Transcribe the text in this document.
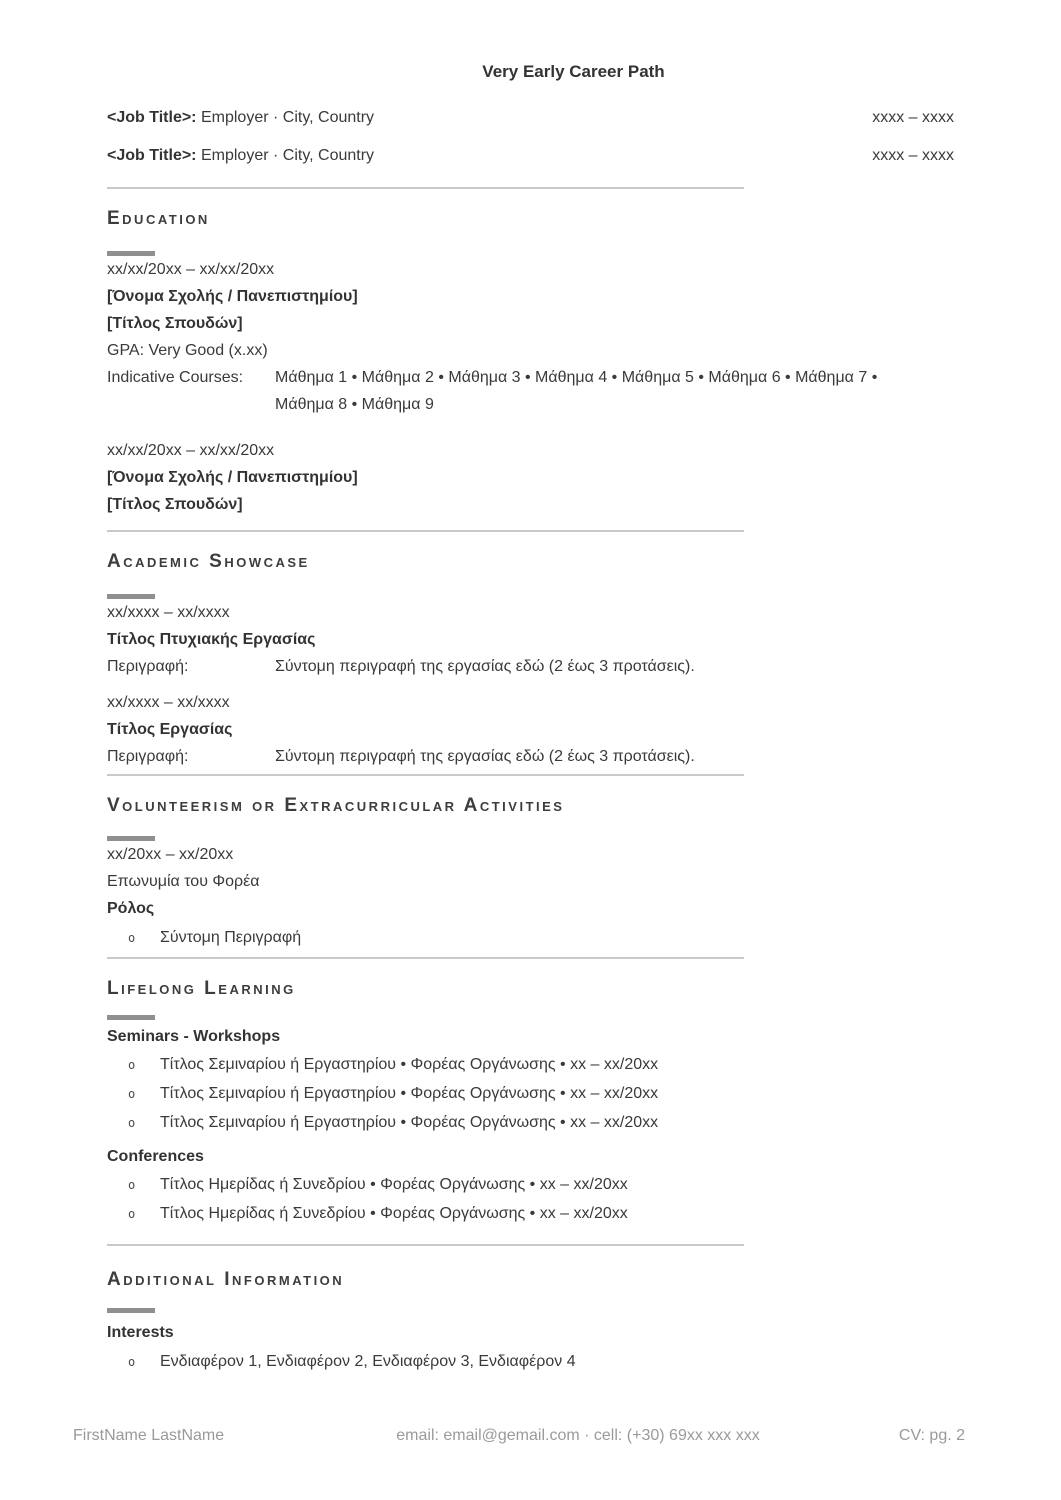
Very Early Career Path
<Job Title>: Employer · City, Country	xxxx – xxxx
<Job Title>: Employer · City, Country	xxxx – xxxx
Education
xx/xx/20xx – xx/xx/20xx
[Όνομα Σχολής / Πανεπιστημίου]
[Τίτλος Σπουδών]
GPA: Very Good (x.xx)
Indicative Courses:	Μάθημα 1 • Μάθημα 2 • Μάθημα 3 • Μάθημα 4 • Μάθημα 5 • Μάθημα 6 • Μάθημα 7 •
Μάθημα 8 • Μάθημα 9
xx/xx/20xx – xx/xx/20xx
[Όνομα Σχολής / Πανεπιστημίου]
[Τίτλος Σπουδών]
Academic Showcase
xx/xxxx – xx/xxxx
Τίτλος Πτυχιακής Εργασίας
Περιγραφή:	Σύντομη περιγραφή της εργασίας εδώ (2 έως 3 προτάσεις).
xx/xxxx – xx/xxxx
Τίτλος Εργασίας
Περιγραφή:	Σύντομη περιγραφή της εργασίας εδώ (2 έως 3 προτάσεις).
Volunteerism or Extracurricular Activities
xx/20xx – xx/20xx
Επωνυμία του Φορέα
Ρόλος
o	Σύντομη Περιγραφή
Lifelong Learning
Seminars - Workshops
o	Τίτλος Σεμιναρίου ή Εργαστηρίου • Φορέας Οργάνωσης • xx – xx/20xx
o	Τίτλος Σεμιναρίου ή Εργαστηρίου • Φορέας Οργάνωσης • xx – xx/20xx
o	Τίτλος Σεμιναρίου ή Εργαστηρίου • Φορέας Οργάνωσης • xx – xx/20xx
Conferences
o	Τίτλος Ημερίδας ή Συνεδρίου • Φορέας Οργάνωσης • xx – xx/20xx
o	Τίτλος Ημερίδας ή Συνεδρίου • Φορέας Οργάνωσης • xx – xx/20xx
Additional Information
Interests
o	Ενδιαφέρον 1, Ενδιαφέρον 2, Ενδιαφέρον 3, Ενδιαφέρον 4
FirstName LastName	email: email@gemail.com · cell: (+30) 69xx xxx xxx	CV: pg. 2
